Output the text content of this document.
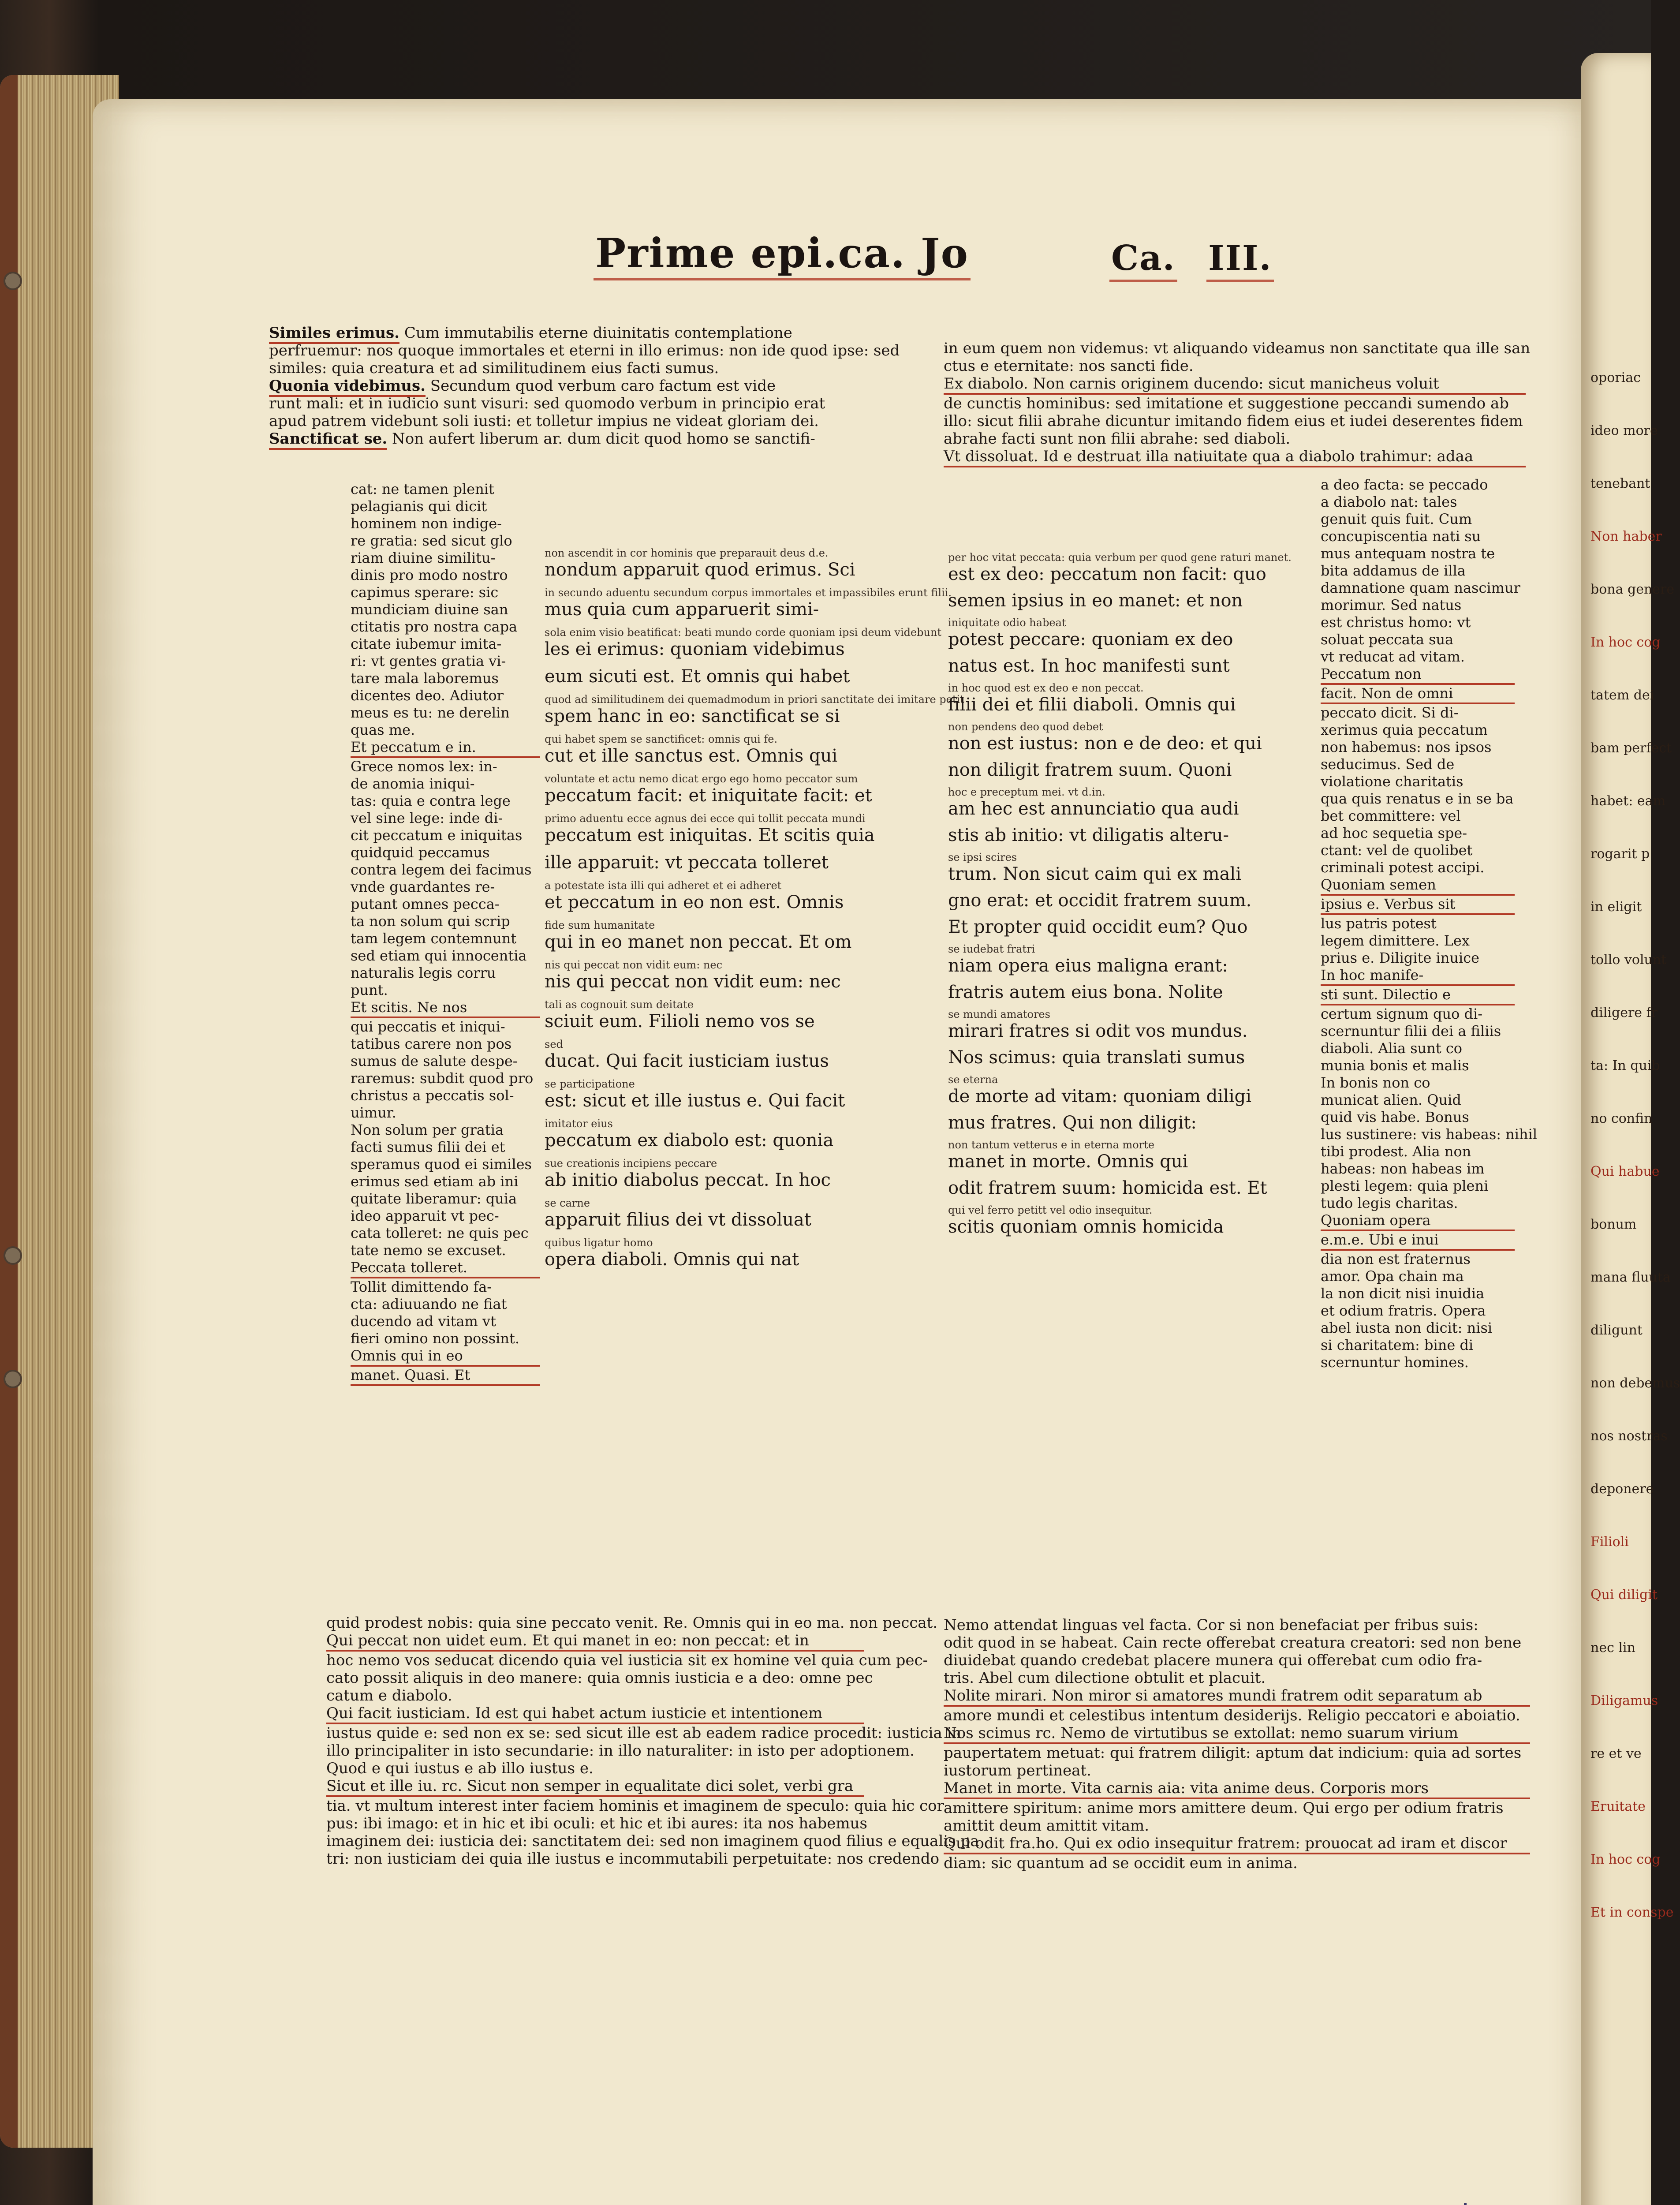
Prime epi.ca. Jo	Ca. III.
Similes erimus. Cum immutabilis eterne diuinitatis contemplatione
perfruemur: nos quoque immortales et eterni in illo erimus: non ide quod ipse: sed
similes: quia creatura et ad similitudinem eius facti sumus.
Quonia videbimus. Secundum quod verbum caro factum est vide
runt mali: et in iudicio sunt visuri: sed quomodo verbum in principio erat
apud patrem videbunt soli iusti: et tolletur impius ne videat gloriam dei.
Sanctificat se. Non aufert liberum ar. dum dicit quod homo se sanctifi-
cat: ne tamen plenit
pelagianis qui dicit
hominem non indige-
re gratia: sed sicut glo
riam diuine similitu-
dinis pro modo nostro
capimus sperare: sic
mundiciam diuine san
ctitatis pro nostra capa
citate iubemur imita-
ri: vt gentes gratia vi-
tare mala laboremus
dicentes deo. Adiutor
meus es tu: ne derelin
quas me.
Et peccatum e in.
Grece nomos lex: in-
de anomia iniqui-
tas: quia e contra lege
vel sine lege: inde di-
cit peccatum e iniquitas
quidquid peccamus
contra legem dei facimus
vnde guardantes re-
putant omnes pecca-
ta non solum qui scrip
tam legem contemnunt
sed etiam qui innocentia
naturalis legis corru
punt.
Et scitis. Ne nos
qui peccatis et iniqui-
tatibus carere non pos
sumus de salute despe-
raremus: subdit quod pro
christus a peccatis sol-
uimur.
Non solum per gratia
facti sumus filii dei et
speramus quod ei similes
erimus sed etiam ab ini
quitate liberamur: quia
ideo apparuit vt pec-
cata tolleret: ne quis pec
tate nemo se excuset.
Peccata tolleret.
Tollit dimittendo fa-
cta: adiuuando ne fiat
ducendo ad vitam vt
fieri omino non possint.
Omnis qui in eo
manet. Quasi. Et
non ascendit in cor hominis que preparauit deus d.e.
nondum apparuit quod erimus. Sci
in secundo aduentu secundum corpus immortales et impassibiles erunt filii.
mus quia cum apparuerit simi-
sola enim visio beatificat: beati mundo corde quoniam ipsi deum videbunt
les ei erimus: quoniam videbimus
eum sicuti est. Et omnis qui habet
quod ad similitudinem dei quemadmodum in priori sanctitate dei imitare petit
spem hanc in eo: sanctificat se si
qui habet spem se sanctificet: omnis qui fe.
cut et ille sanctus est. Omnis qui
voluntate et actu nemo dicat ergo ego homo peccator sum
peccatum facit: et iniquitate facit: et
primo aduentu ecce agnus dei ecce qui tollit peccata mundi
peccatum est iniquitas. Et scitis quia
ille apparuit: vt peccata tolleret
a potestate ista illi qui adheret et ei adheret
et peccatum in eo non est. Omnis
fide sum humanitate
qui in eo manet non peccat. Et om
nis qui peccat non vidit eum: nec
nis qui peccat non vidit eum: nec
tali as cognouit sum deitate
sciuit eum. Filioli nemo vos se
sed
ducat. Qui facit iusticiam iustus
se participatione
est: sicut et ille iustus e. Qui facit
imitator eius
peccatum ex diabolo est: quonia
sue creationis incipiens peccare
ab initio diabolus peccat. In hoc
se carne
apparuit filius dei vt dissoluat
quibus ligatur homo
opera diaboli. Omnis qui nat
in eum quem non videmus: vt aliquando videamus non sanctitate qua ille san
ctus e eternitate: nos sancti fide.
Ex diabolo. Non carnis originem ducendo: sicut manicheus voluit
de cunctis hominibus: sed imitatione et suggestione peccandi sumendo ab
illo: sicut filii abrahe dicuntur imitando fidem eius et iudei deserentes fidem
abrahe facti sunt non filii abrahe: sed diaboli.
Vt dissoluat. Id e destruat illa natiuitate qua a diabolo trahimur: adaa
per hoc vitat peccata: quia verbum per quod gene raturi manet.
est ex deo: peccatum non facit: quo
semen ipsius in eo manet: et non
iniquitate odio habeat
potest peccare: quoniam ex deo
natus est. In hoc manifesti sunt
in hoc quod est ex deo e non peccat.
filii dei et filii diaboli. Omnis qui
non pendens deo quod debet
non est iustus: non e de deo: et qui
non diligit fratrem suum. Quoni
hoc e preceptum mei. vt d.in.
am hec est annunciatio qua audi
stis ab initio: vt diligatis alteru-
se ipsi scires
trum. Non sicut caim qui ex mali
gno erat: et occidit fratrem suum.
Et propter quid occidit eum? Quo
se iudebat fratri
niam opera eius maligna erant:
fratris autem eius bona. Nolite
se mundi amatores
mirari fratres si odit vos mundus.
Nos scimus: quia translati sumus
se eterna
de morte ad vitam: quoniam diligi
mus fratres. Qui non diligit:
non tantum vetterus e in eterna morte
manet in morte. Omnis qui
odit fratrem suum: homicida est. Et
qui vel ferro petitt vel odio insequitur.
scitis quoniam omnis homicida
a deo facta: se peccado
a diabolo nat: tales
genuit quis fuit. Cum
concupiscentia nati su
mus antequam nostra te
bita addamus de illa
damnatione quam nascimur
morimur. Sed natus
est christus homo: vt
soluat peccata sua
vt reducat ad vitam.
Peccatum non
facit. Non de omni
peccato dicit. Si di-
xerimus quia peccatum
non habemus: nos ipsos
seducimus. Sed de
violatione charitatis
qua quis renatus e in se ba
bet committere: vel
ad hoc sequetia spe-
ctant: vel de quolibet
criminali potest accipi.
Quoniam semen
ipsius e. Verbus sit
lus patris potest
legem dimittere. Lex
prius e. Diligite inuice
In hoc manife-
sti sunt. Dilectio e
certum signum quo di-
scernuntur filii dei a filiis
diaboli. Alia sunt co
munia bonis et malis
In bonis non co
municat alien. Quid
quid vis habe. Bonus
lus sustinere: vis habeas: nihil
tibi prodest. Alia non
habeas: non habeas im
plesti legem: quia pleni
tudo legis charitas.
Quoniam opera
e.m.e. Ubi e inui
dia non est fraternus
amor. Opa chain ma
la non dicit nisi inuidia
et odium fratris. Opera
abel iusta non dicit: nisi
si charitatem: bine di
scernuntur homines.
quid prodest nobis: quia sine peccato venit. Re. Omnis qui in eo ma. non peccat.
Qui peccat non uidet eum. Et qui manet in eo: non peccat: et in
hoc nemo vos seducat dicendo quia vel iusticia sit ex homine vel quia cum pec-
cato possit aliquis in deo manere: quia omnis iusticia e a deo: omne pec
catum e diabolo.
Qui facit iusticiam. Id est qui habet actum iusticie et intentionem
iustus quide e: sed non ex se: sed sicut ille est ab eadem radice procedit: iusticia in
illo principaliter in isto secundarie: in illo naturaliter: in isto per adoptionem.
Quod e qui iustus e ab illo iustus e.
Sicut et ille iu. rc. Sicut non semper in equalitate dici solet, verbi gra
tia. vt multum interest inter faciem hominis et imaginem de speculo: quia hic cor
pus: ibi imago: et in hic et ibi oculi: et hic et ibi aures: ita nos habemus
imaginem dei: iusticia dei: sanctitatem dei: sed non imaginem quod filius e equalis pa
tri: non iusticiam dei quia ille iustus e incommutabili perpetuitate: nos credendo
Nemo attendat linguas vel facta. Cor si non benefaciat per fribus suis:
odit quod in se habeat. Cain recte offerebat creatura creatori: sed non bene
diuidebat quando credebat placere munera qui offerebat cum odio fra-
tris. Abel cum dilectione obtulit et placuit.
Nolite mirari. Non miror si amatores mundi fratrem odit separatum ab
amore mundi et celestibus intentum desiderijs. Religio peccatori e aboiatio.
Nos scimus rc. Nemo de virtutibus se extollat: nemo suarum virium
paupertatem metuat: qui fratrem diligit: aptum dat indicium: quia ad sortes
iustorum pertineat.
Manet in morte. Vita carnis aia: vita anime deus. Corporis mors
amittere spiritum: anime mors amittere deum. Qui ergo per odium fratris
amittit deum amittit vitam.
Qui odit fra.ho. Qui ex odio insequitur fratrem: prouocat ad iram et discor
diam: sic quantum ad se occidit eum in anima.
oporiac
ideo more
tenebant
Non haber
bona genere
In hoc cog
tatem dei
bam perfect
habet: eam
rogarit p
in eligit
tollo volunt
diligere fr
ta: In quib
no confin
Qui habue
bonum
mana fluuta
diligunt
non debemus
nos nostras
deponere
Filioli
Qui diligit
nec lin
Diligamus
re et ve
Eruitate
In hoc cog
Et in conspe
